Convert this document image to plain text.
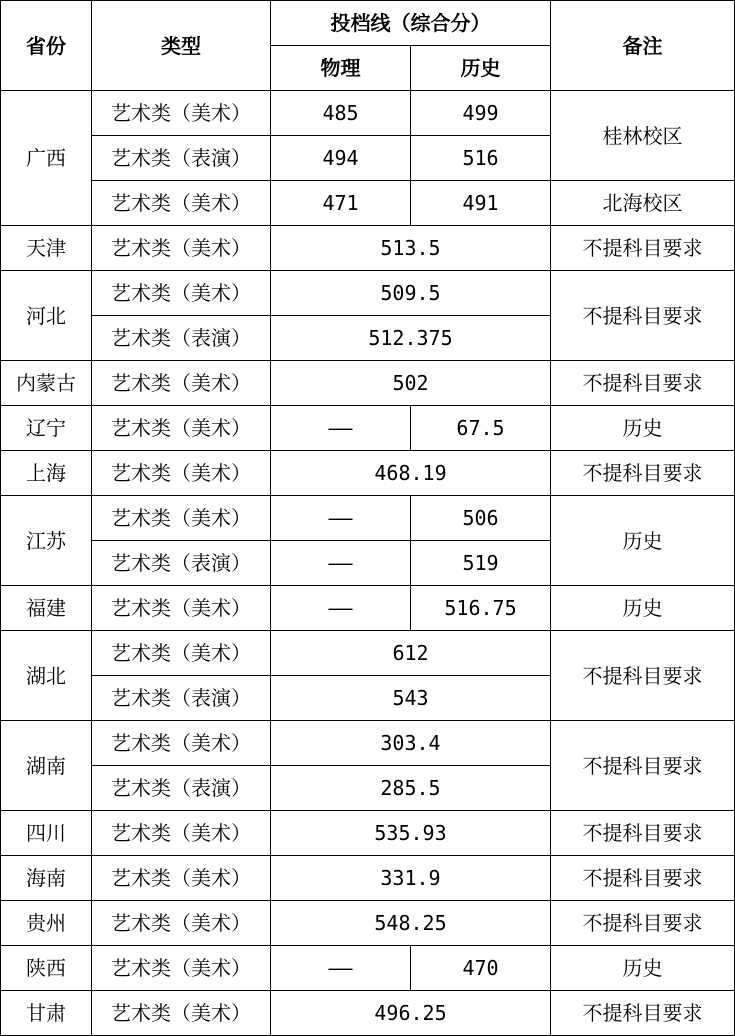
省份	类型	投档线（综合分）		备注
		物理	历史	
广西	艺术类（美术）	485	499	桂林校区
	艺术类（表演）	494	516	
	艺术类（美术）	471	491	北海校区
天津	艺术类（美术）	513.5		不提科目要求
河北	艺术类（美术）	509.5		不提科目要求
	艺术类（表演）	512.375		
内蒙古	艺术类（美术）	502		不提科目要求
辽宁	艺术类（美术）	——	67.5	历史
上海	艺术类（美术）	468.19		不提科目要求
江苏	艺术类（美术）	——	506	历史
	艺术类（表演）	——	519	
福建	艺术类（美术）	——	516.75	历史
湖北	艺术类（美术）	612		不提科目要求
	艺术类（表演）	543		
湖南	艺术类（美术）	303.4		不提科目要求
	艺术类（表演）	285.5		
四川	艺术类（美术）	535.93		不提科目要求
海南	艺术类（美术）	331.9		不提科目要求
贵州	艺术类（美术）	548.25		不提科目要求
陕西	艺术类（美术）	——	470	历史
甘肃	艺术类（美术）	496.25		不提科目要求
